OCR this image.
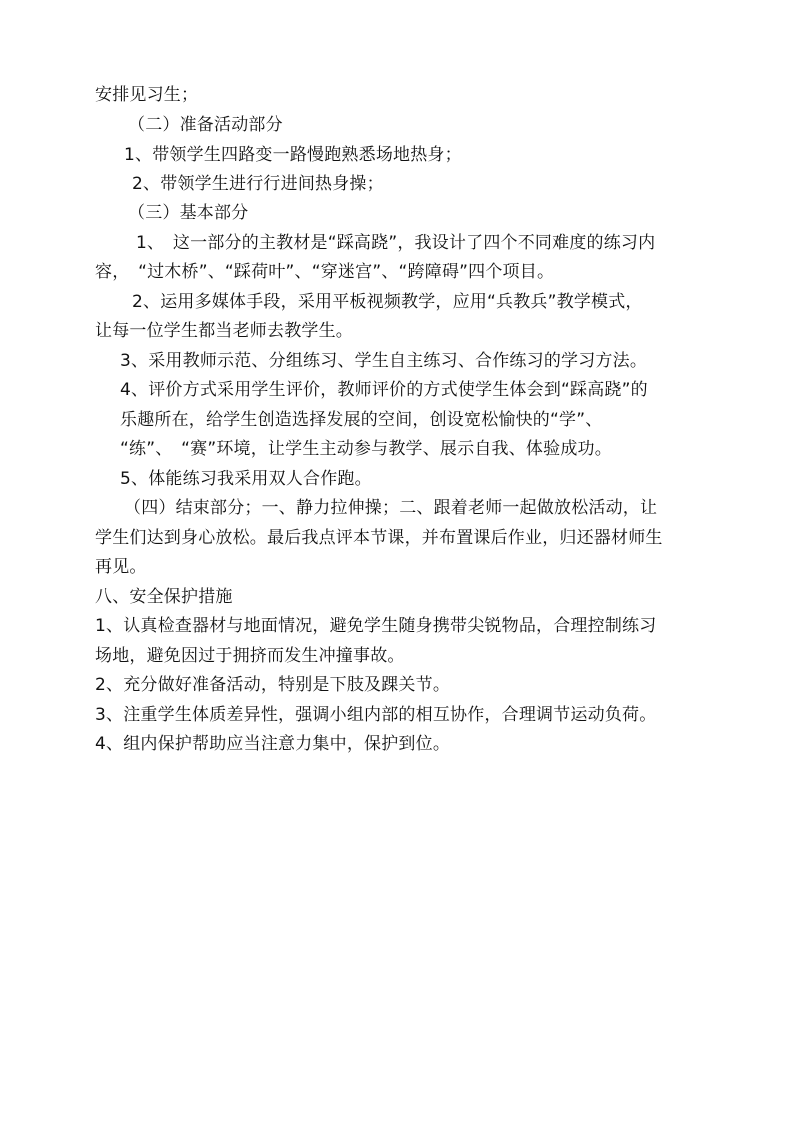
安排见习生；
（二）准备活动部分
1、带领学生四路变一路慢跑熟悉场地热身；
2、带领学生进行行进间热身操；
（三）基本部分
1、　这一部分的主教材是“踩高跷”，我设计了四个不同难度的练习内
容，　“过木桥”、“踩荷叶”、“穿迷宫”、“跨障碍”四个项目。
2、运用多媒体手段，采用平板视频教学，应用“兵教兵”教学模式，
让每一位学生都当老师去教学生。
3、采用教师示范、分组练习、学生自主练习、合作练习的学习方法。
4、评价方式采用学生评价，教师评价的方式使学生体会到“踩高跷”的
乐趣所在，给学生创造选择发展的空间，创设宽松愉快的“学”、
“练”、　“赛”环境，让学生主动参与教学、展示自我、体验成功。
5、体能练习我采用双人合作跑。
（四）结束部分；一、静力拉伸操；二、跟着老师一起做放松活动，让
学生们达到身心放松。最后我点评本节课，并布置课后作业，归还器材师生
再见。
八、安全保护措施
1、认真检查器材与地面情况，避免学生随身携带尖锐物品，合理控制练习
场地，避免因过于拥挤而发生冲撞事故。
2、充分做好准备活动，特别是下肢及踝关节。
3、注重学生体质差异性，强调小组内部的相互协作，合理调节运动负荷。
4、组内保护帮助应当注意力集中，保护到位。
